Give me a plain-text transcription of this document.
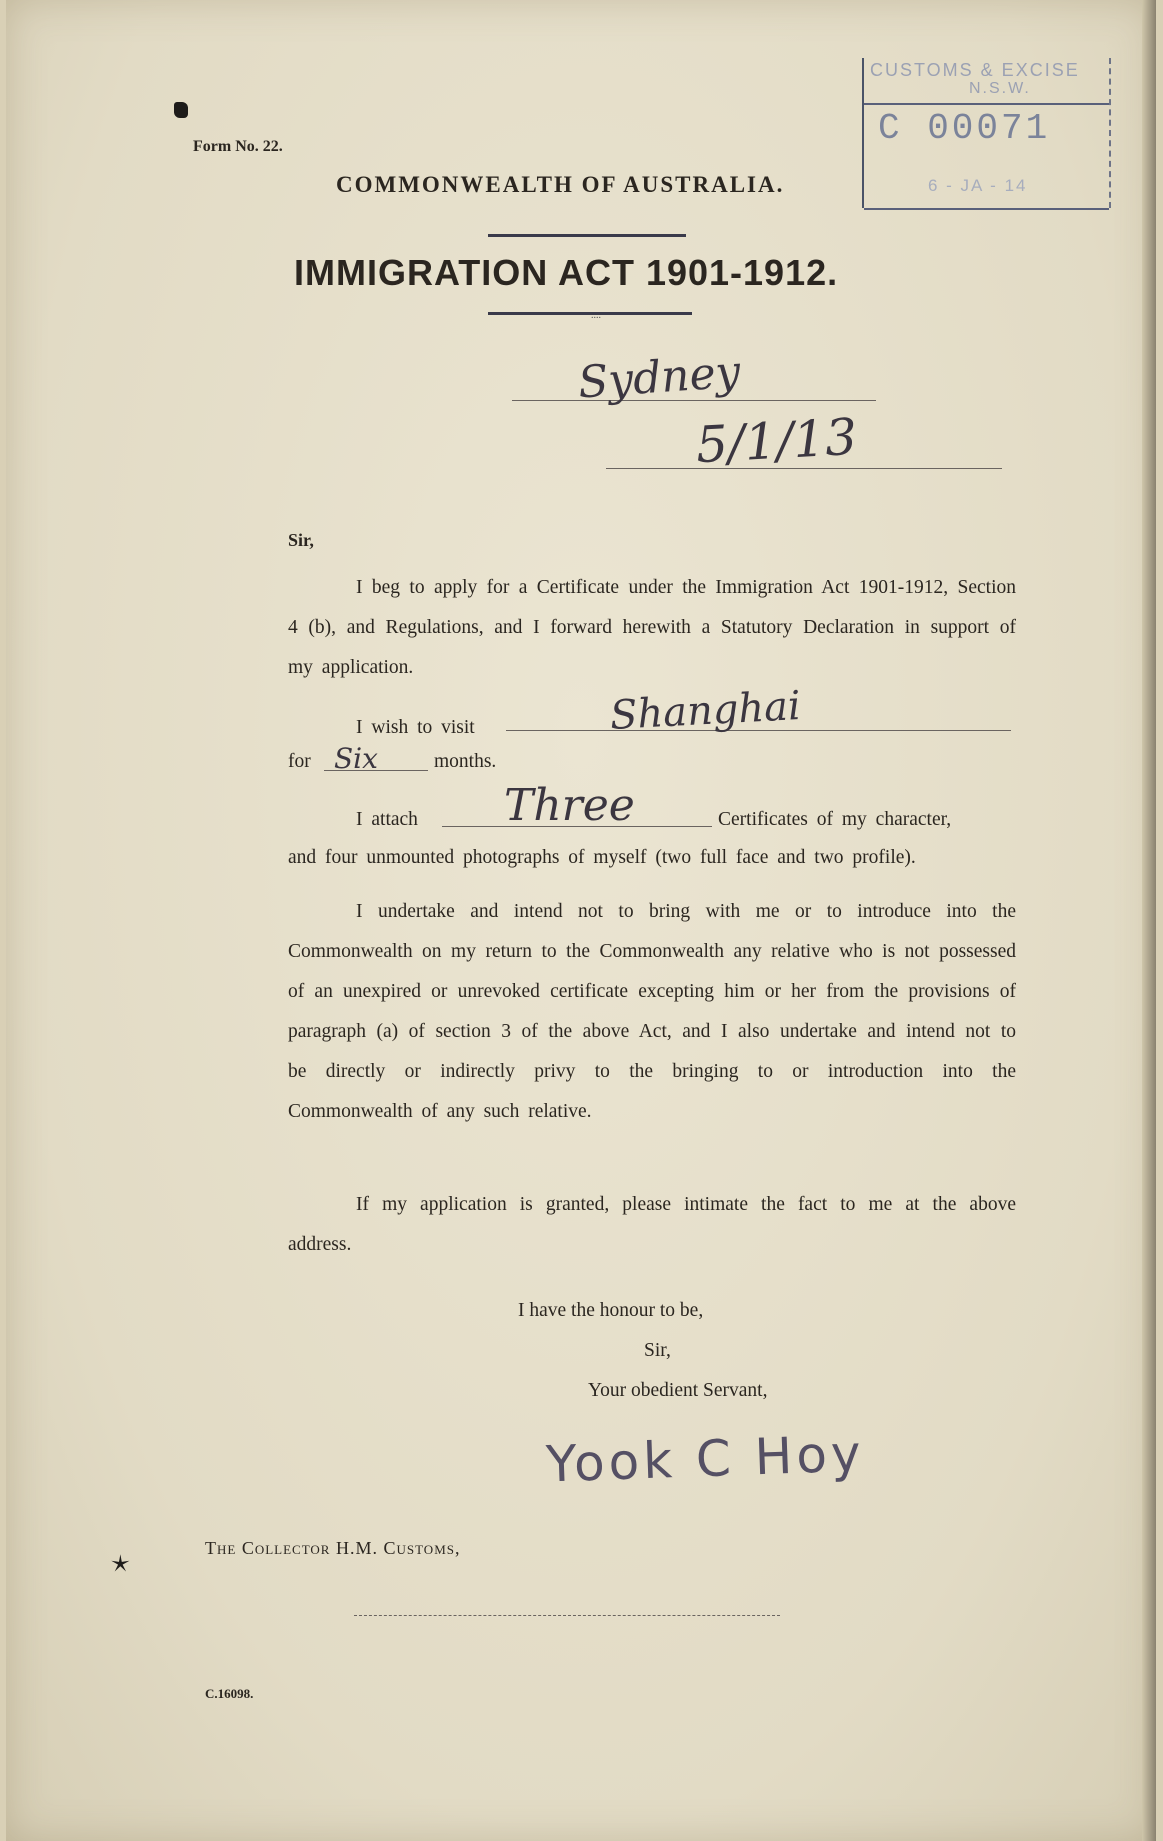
Form No. 22.
COMMONWEALTH OF AUSTRALIA.
CUSTOMS & EXCISE
N.S.W.
C 00071
6 - JA - 14
IMMIGRATION ACT 1901-1912.
....
Sydney
5/1/13
Sir,
I beg to apply for a Certificate under the Immigration Act 1901-1912, Section 4 (b), and Regulations, and I forward herewith a Statutory Declaration in support of my application.
I wish to visit	Shanghai
for Six	months.
I attach Three	Certificates of my character,
and four unmounted photographs of myself (two full face and two profile).
I undertake and intend not to bring with me or to introduce into the Commonwealth on my return to the Commonwealth any relative who is not possessed of an unexpired or unrevoked certificate excepting him or her from the provisions of paragraph (a) of section 3 of the above Act, and I also undertake and intend not to be directly or indirectly privy to the bringing to or introduction into the Commonwealth of any such relative.
If my application is granted, please intimate the fact to me at the above address.
I have the honour to be,
Sir,
Your obedient Servant,
Yook C Hoy
🟉
The Collector H.M. Customs,
C.16098.
